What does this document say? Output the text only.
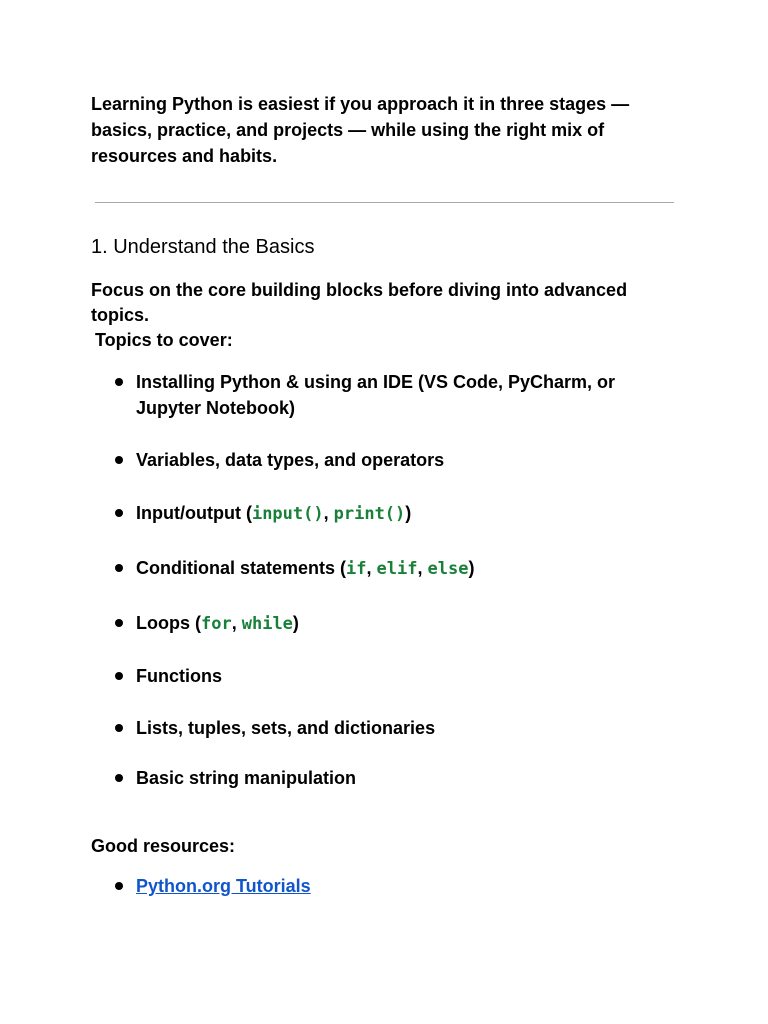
Learning Python is easiest if you approach it in three stages — basics, practice, and projects — while using the right mix of resources and habits.

1. Understand the Basics

Focus on the core building blocks before diving into advanced topics.

Topics to cover:

Installing Python & using an IDE (VS Code, PyCharm, or Jupyter Notebook)
Variables, data types, and operators
Input/output (input(), print())
Conditional statements (if, elif, else)
Loops (for, while)
Functions
Lists, tuples, sets, and dictionaries
Basic string manipulation

Good resources:

Python.org Tutorials
